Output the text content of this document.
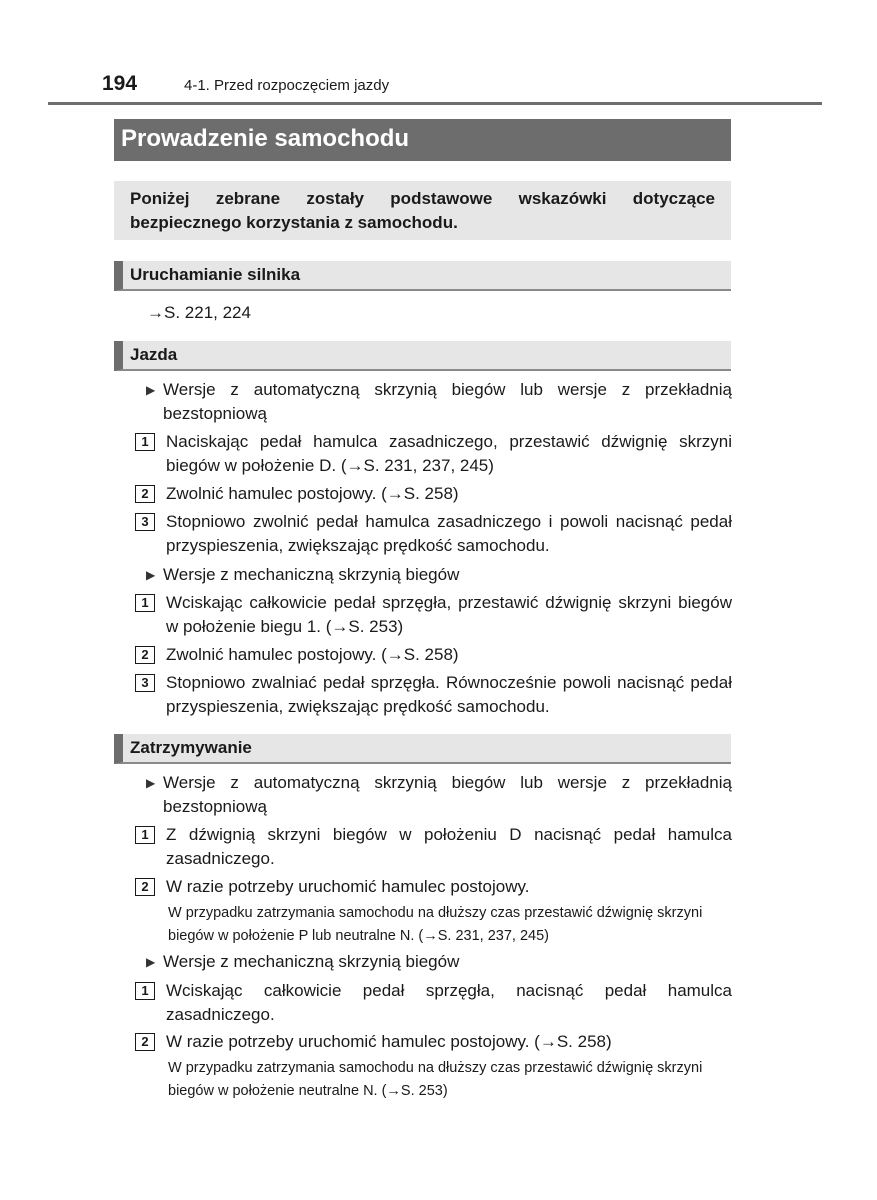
194	4-1. Przed rozpoczęciem jazdy
Prowadzenie samochodu
Poniżej zebrane zostały podstawowe wskazówki dotyczące bezpiecznego korzystania z samochodu.
Uruchamianie silnika
→S. 221, 224
Jazda
▶ Wersje z automatyczną skrzynią biegów lub wersje z przekładnią bezstopniową
1	Naciskając pedał hamulca zasadniczego, przestawić dźwignię skrzyni biegów w położenie D. (→S. 231, 237, 245)
2	Zwolnić hamulec postojowy. (→S. 258)
3	Stopniowo zwolnić pedał hamulca zasadniczego i powoli nacisnąć pedał przyspieszenia, zwiększając prędkość samochodu.
▶ Wersje z mechaniczną skrzynią biegów
1	Wciskając całkowicie pedał sprzęgła, przestawić dźwignię skrzyni biegów w położenie biegu 1. (→S. 253)
2	Zwolnić hamulec postojowy. (→S. 258)
3	Stopniowo zwalniać pedał sprzęgła. Równocześnie powoli nacisnąć pedał przyspieszenia, zwiększając prędkość samochodu.
Zatrzymywanie
▶ Wersje z automatyczną skrzynią biegów lub wersje z przekładnią bezstopniową
1	Z dźwignią skrzyni biegów w położeniu D nacisnąć pedał hamulca zasadniczego.
2	W razie potrzeby uruchomić hamulec postojowy.
W przypadku zatrzymania samochodu na dłuższy czas przestawić dźwignię skrzyni biegów w położenie P lub neutralne N. (→S. 231, 237, 245)
▶ Wersje z mechaniczną skrzynią biegów
1	Wciskając całkowicie pedał sprzęgła, nacisnąć pedał hamulca zasadniczego.
2	W razie potrzeby uruchomić hamulec postojowy. (→S. 258)
W przypadku zatrzymania samochodu na dłuższy czas przestawić dźwignię skrzyni biegów w położenie neutralne N. (→S. 253)
